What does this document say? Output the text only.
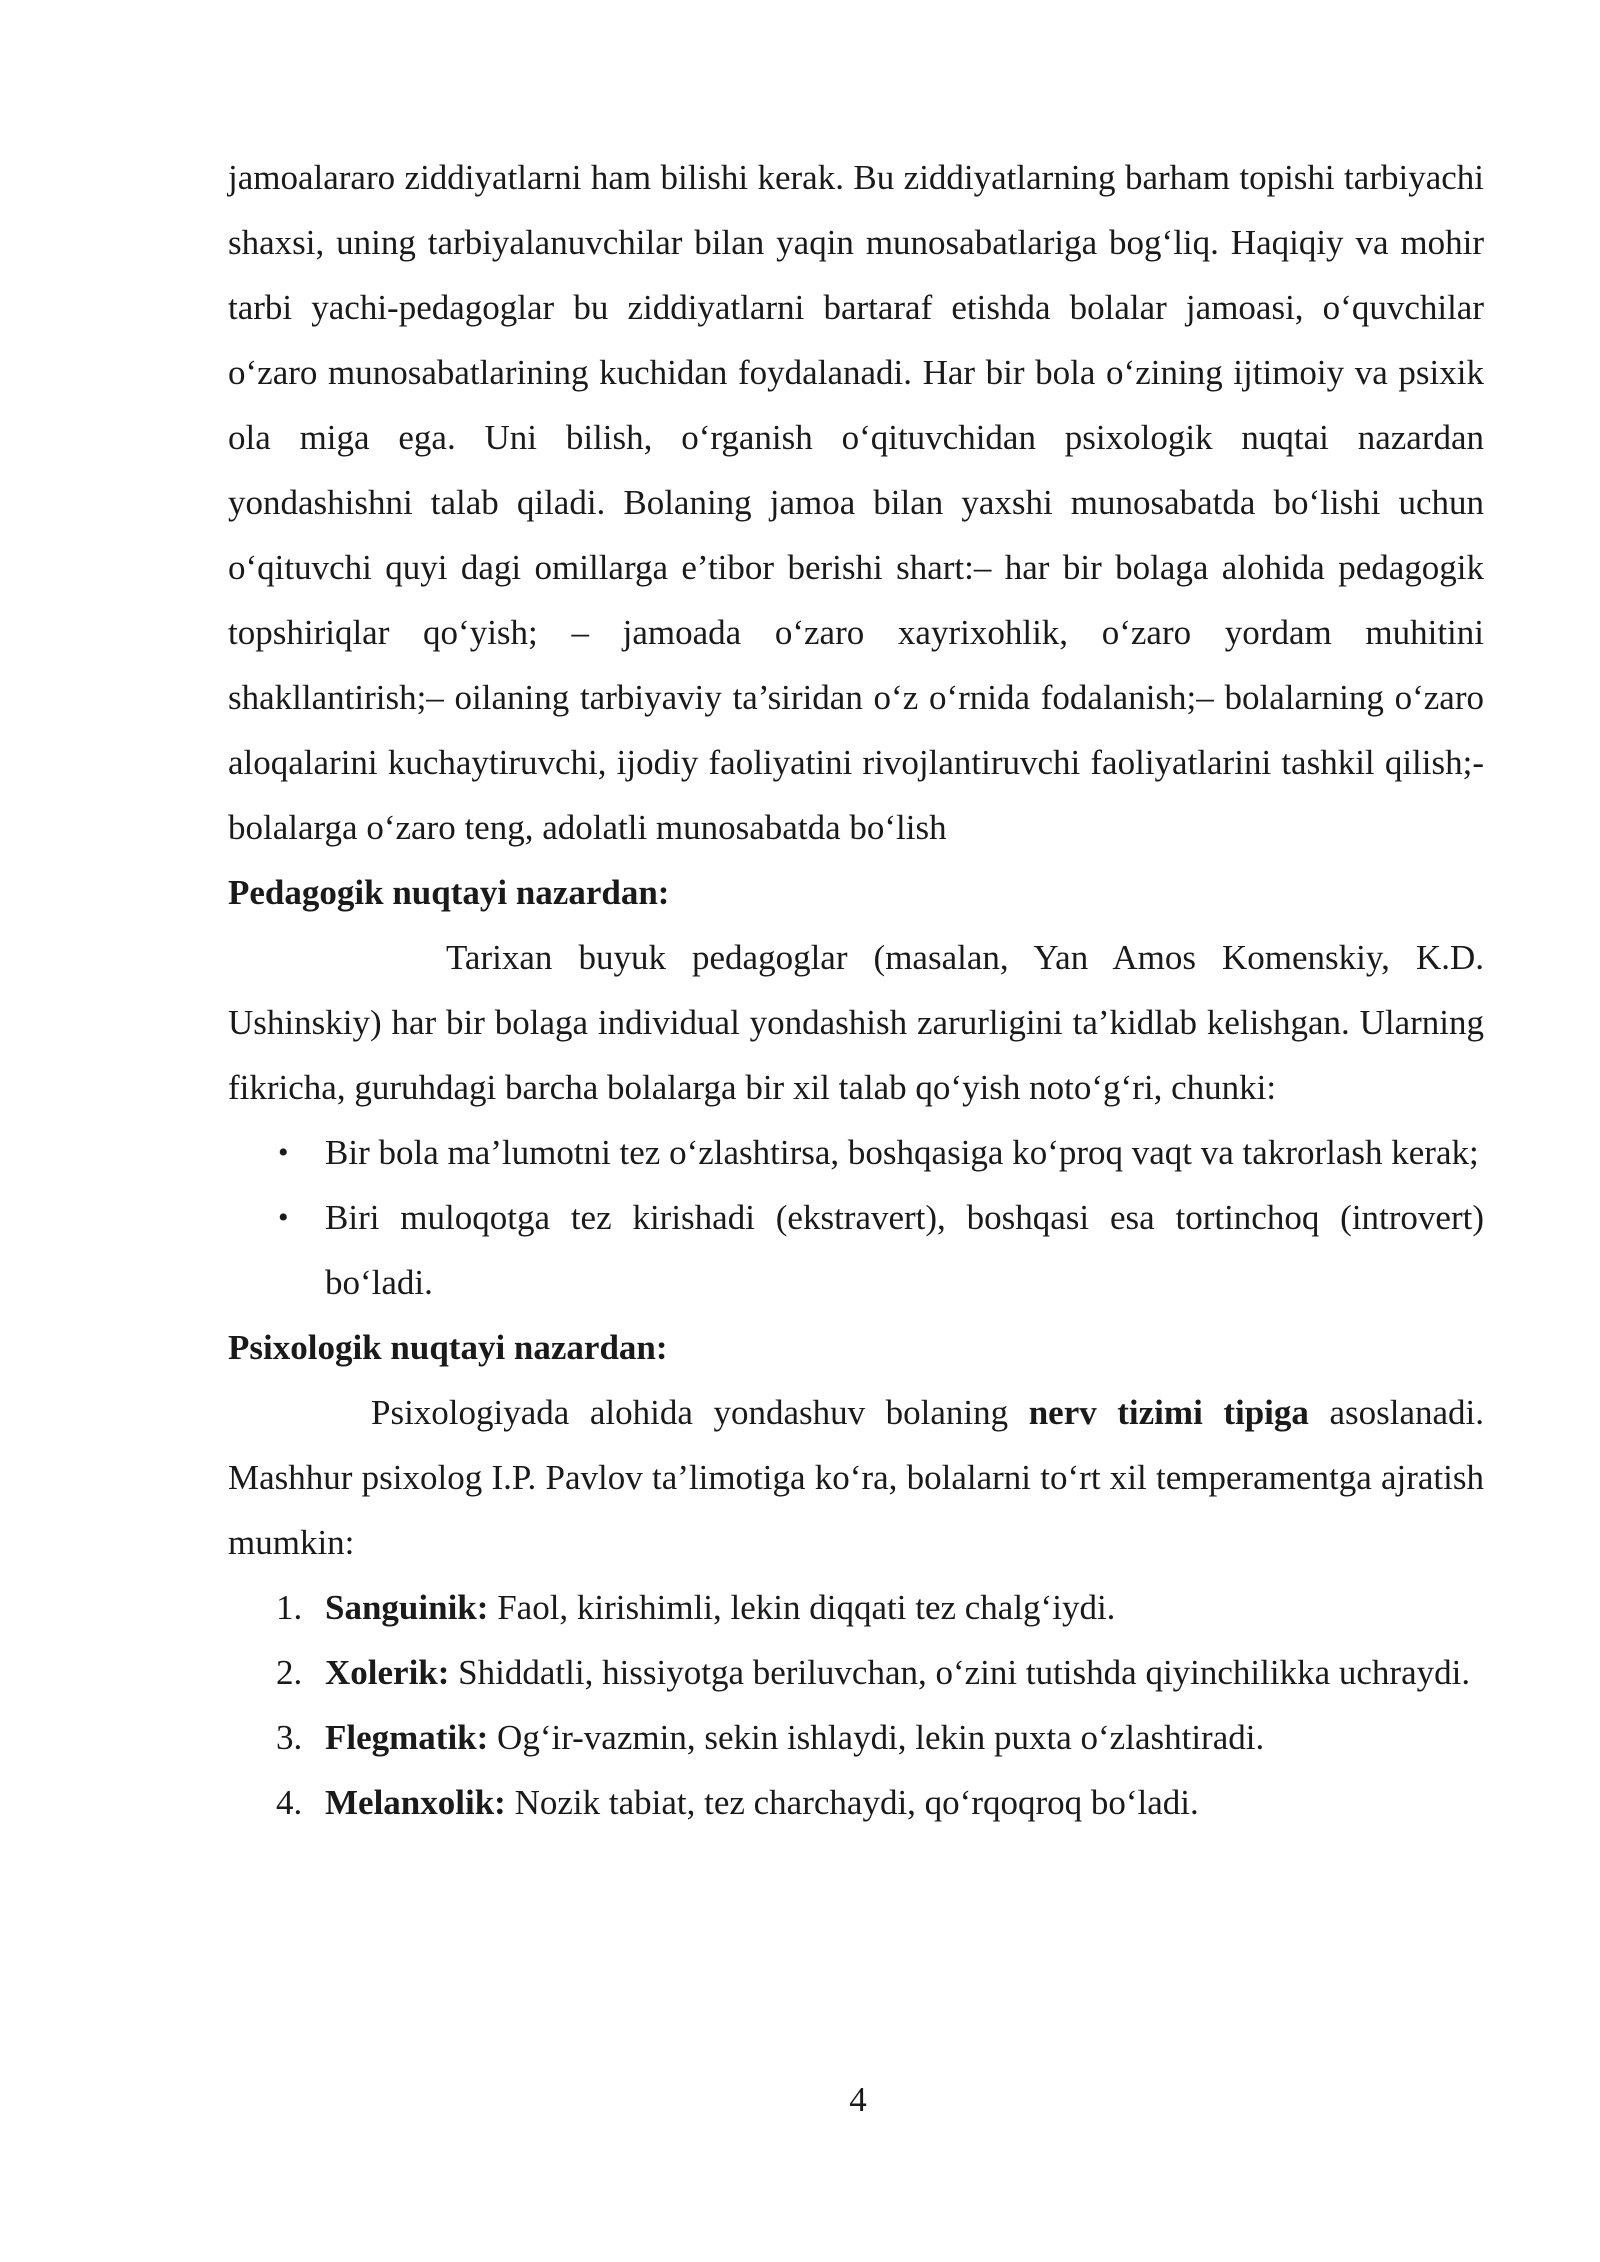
jamoalararo ziddiyatlarni ham bilishi kerak. Bu ziddiyatlarning barham topishi tarbiyachi shaxsi, uning tarbiyalanuvchilar bilan yaqin munosabatlariga bog‘liq. Haqiqiy va mohir tarbi yachi-pedagoglar bu ziddiyatlarni bartaraf etishda bolalar jamoasi, o‘quvchilar o‘zaro munosabatlarining kuchidan foydalanadi. Har bir bola o‘zining ijtimoiy va psixik ola miga ega. Uni bilish, o‘rganish o‘qituvchidan psixologik nuqtai nazardan yondashishni talab qiladi. Bolaning jamoa bilan yaxshi munosabatda bo‘lishi uchun o‘qituvchi quyi dagi omillarga e’tibor berishi shart:– har bir bolaga alohida pedagogik topshiriqlar qo‘yish; – jamoada o‘zaro xayrixohlik, o‘zaro yordam muhitini shakllantirish;– oilaning tarbiyaviy ta’siridan o‘z o‘rnida fodalanish;– bolalarning o‘zaro aloqalarini kuchaytiruvchi, ijodiy faoliyatini rivojlantiruvchi faoliyatlarini tashkil qilish;- bolalarga o‘zaro teng, adolatli munosabatda bo‘lish

Pedagogik nuqtayi nazardan:

Tarixan buyuk pedagoglar (masalan, Yan Amos Komenskiy, K.D. Ushinskiy) har bir bolaga individual yondashish zarurligini ta’kidlab kelishgan. Ularning fikricha, guruhdagi barcha bolalarga bir xil talab qo‘yish noto‘g‘ri, chunki:

• Bir bola ma’lumotni tez o‘zlashtirsa, boshqasiga ko‘proq vaqt va takrorlash kerak;
• Biri muloqotga tez kirishadi (ekstravert), boshqasi esa tortinchoq (introvert) bo‘ladi.

Psixologik nuqtayi nazardan:

Psixologiyada alohida yondashuv bolaning nerv tizimi tipiga asoslanadi. Mashhur psixolog I.P. Pavlov ta’limotiga ko‘ra, bolalarni to‘rt xil temperamentga ajratish mumkin:

1. Sanguinik: Faol, kirishimli, lekin diqqati tez chalg‘iydi.
2. Xolerik: Shiddatli, hissiyotga beriluvchan, o‘zini tutishda qiyinchilikka uchraydi.
3. Flegmatik: Og‘ir-vazmin, sekin ishlaydi, lekin puxta o‘zlashtiradi.
4. Melanxolik: Nozik tabiat, tez charchaydi, qo‘rqoqroq bo‘ladi.
4
